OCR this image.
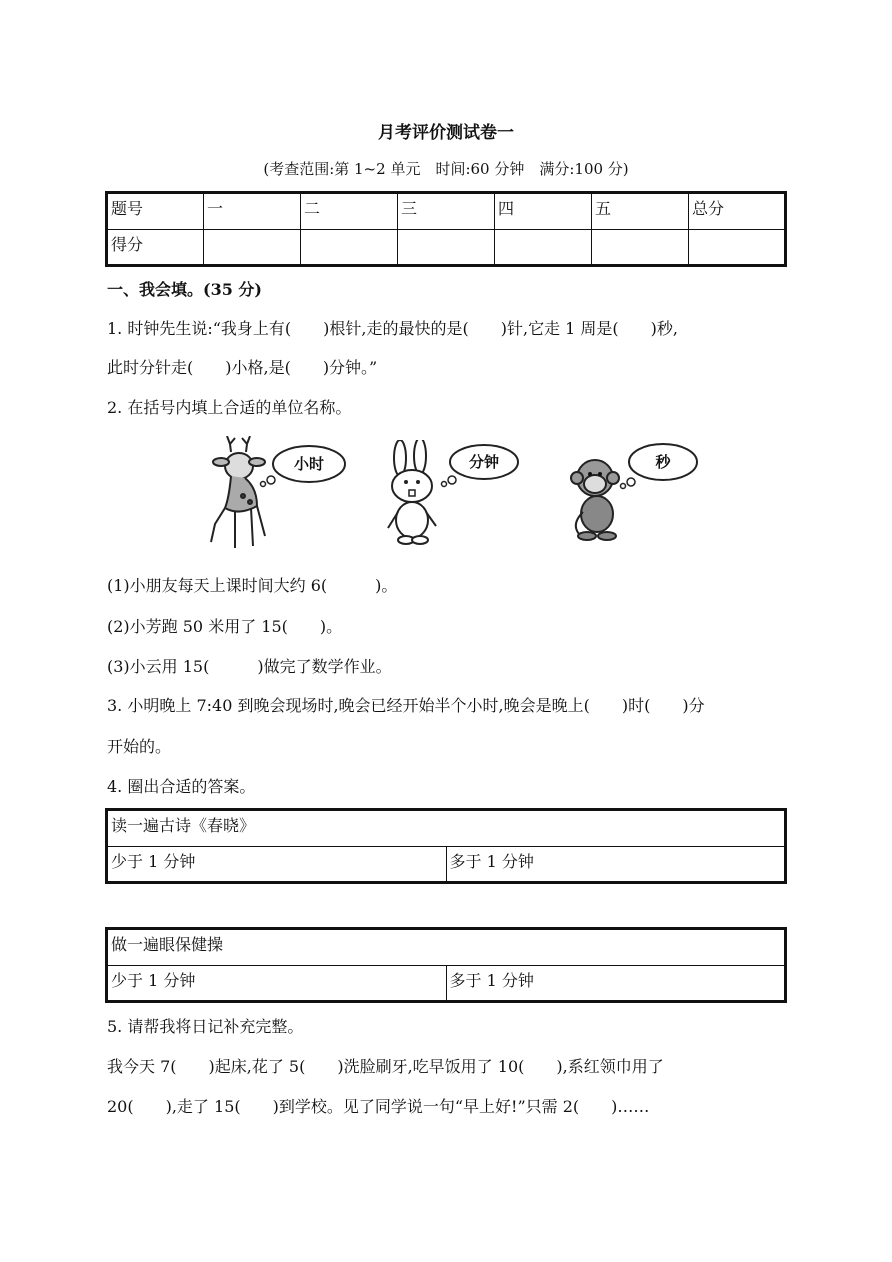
月考评价测试卷一
(考查范围:第 1~2 单元　时间:60 分钟　满分:100 分)
题号	一	二	三	四	五	总分
得分						
一、我会填。(35 分)
1. 时钟先生说:“我身上有(　　)根针,走的最快的是(　　)针,它走 1 周是(　　)秒,
此时分针走(　　)小格,是(　　)分钟。”
2. 在括号内填上合适的单位名称。
小时	分钟	秒
(1)小朋友每天上课时间大约 6(　　　)。
(2)小芳跑 50 米用了 15(　　)。
(3)小云用 15(　　　)做完了数学作业。
3. 小明晚上 7:40 到晚会现场时,晚会已经开始半个小时,晚会是晚上(　　)时(　　)分
开始的。
4. 圈出合适的答案。
读一遍古诗《春晓》
少于 1 分钟	多于 1 分钟
做一遍眼保健操
少于 1 分钟	多于 1 分钟
5. 请帮我将日记补充完整。
我今天 7(　　)起床,花了 5(　　)洗脸刷牙,吃早饭用了 10(　　),系红领巾用了
20(　　),走了 15(　　)到学校。见了同学说一句“早上好!”只需 2(　　)……
